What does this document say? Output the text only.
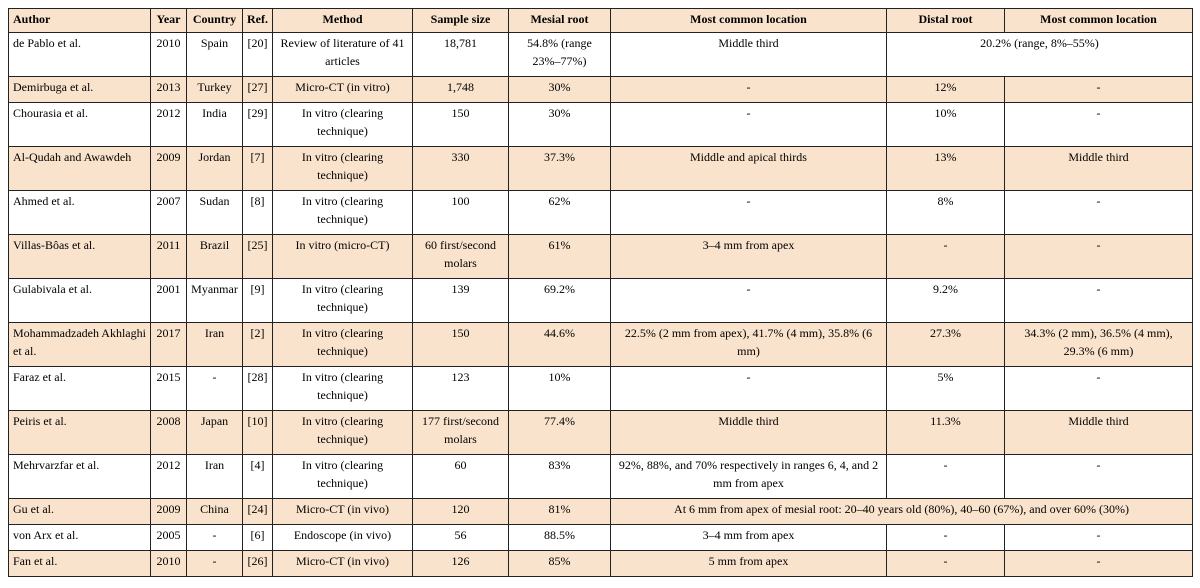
Author	Year	Country	Ref.	Method	Sample size	Mesial root	Most common location	Distal root	Most common location
de Pablo et al.	2010	Spain	[20]	Review of literature of 41 articles	18,781	54.8% (range 23%–77%)	Middle third	20.2% (range, 8%–55%)	
Demirbuga et al.	2013	Turkey	[27]	Micro-CT (in vitro)	1,748	30%	-	12%	-
Chourasia et al.	2012	India	[29]	In vitro (clearing technique)	150	30%	-	10%	-
Al-Qudah and Awawdeh	2009	Jordan	[7]	In vitro (clearing technique)	330	37.3%	Middle and apical thirds	13%	Middle third
Ahmed et al.	2007	Sudan	[8]	In vitro (clearing technique)	100	62%	-	8%	-
Villas-Bôas et al.	2011	Brazil	[25]	In vitro (micro-CT)	60 first/second molars	61%	3–4 mm from apex	-	-
Gulabivala et al.	2001	Myanmar	[9]	In vitro (clearing technique)	139	69.2%	-	9.2%	-
Mohammadzadeh Akhlaghi et al.	2017	Iran	[2]	In vitro (clearing technique)	150	44.6%	22.5% (2 mm from apex), 41.7% (4 mm), 35.8% (6 mm)	27.3%	34.3% (2 mm), 36.5% (4 mm), 29.3% (6 mm)
Faraz et al.	2015	-	[28]	In vitro (clearing technique)	123	10%	-	5%	-
Peiris et al.	2008	Japan	[10]	In vitro (clearing technique)	177 first/second molars	77.4%	Middle third	11.3%	Middle third
Mehrvarzfar et al.	2012	Iran	[4]	In vitro (clearing technique)	60	83%	92%, 88%, and 70% respectively in ranges 6, 4, and 2 mm from apex	-	-
Gu et al.	2009	China	[24]	Micro-CT (in vivo)	120	81%	At 6 mm from apex of mesial root: 20–40 years old (80%), 40–60 (67%), and over 60% (30%)		
von Arx et al.	2005	-	[6]	Endoscope (in vivo)	56	88.5%	3–4 mm from apex	-	-
Fan et al.	2010	-	[26]	Micro-CT (in vivo)	126	85%	5 mm from apex	-	-
